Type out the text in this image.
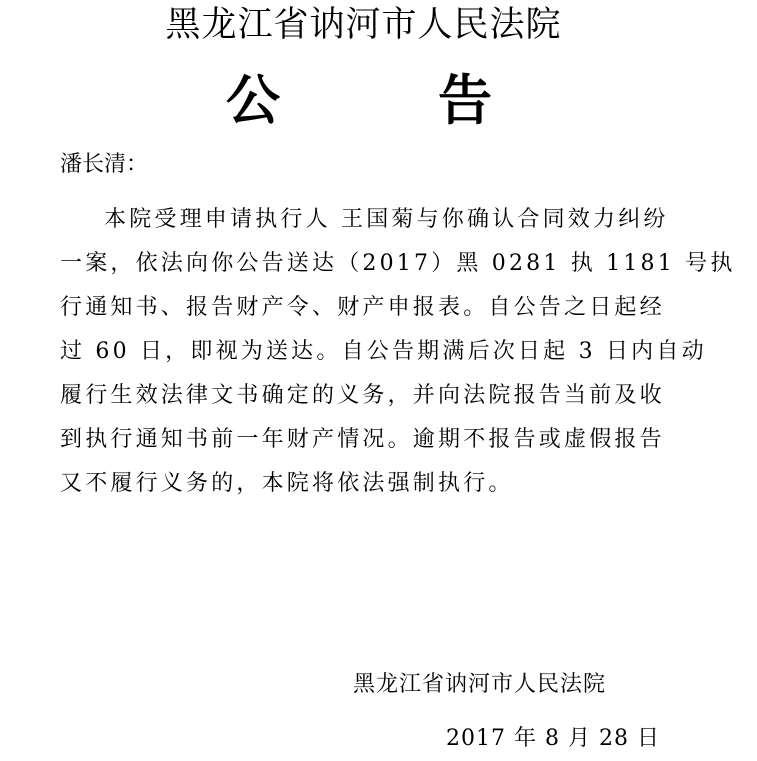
黑龙江省讷河市人民法院
公	告
潘长清：
本院受理申请执行人 王国菊与你确认合同效力纠纷
一案，依法向你公告送达（2017）黑 0281 执 1181 号执
行通知书、报告财产令、财产申报表。自公告之日起经
过 60 日，即视为送达。自公告期满后次日起 3 日内自动
履行生效法律文书确定的义务，并向法院报告当前及收
到执行通知书前一年财产情况。逾期不报告或虚假报告
又不履行义务的，本院将依法强制执行。
黑龙江省讷河市人民法院
2017 年 8 月 28 日
